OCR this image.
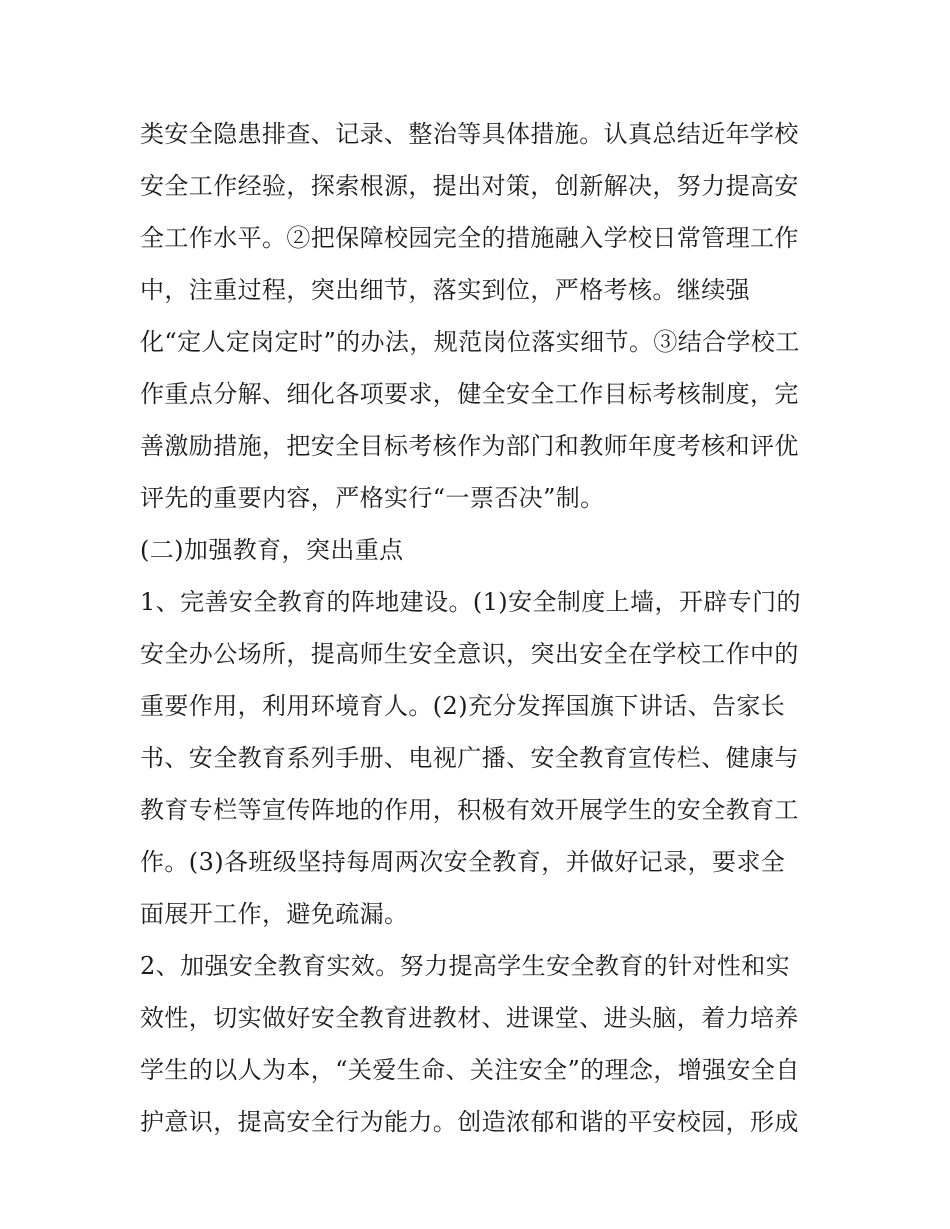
类安全隐患排查、记录、整治等具体措施。认真总结近年学校
安全工作经验，探索根源，提出对策，创新解决，努力提高安
全工作水平。②把保障校园完全的措施融入学校日常管理工作
中，注重过程，突出细节，落实到位，严格考核。继续强
化“定人定岗定时”的办法，规范岗位落实细节。③结合学校工
作重点分解、细化各项要求，健全安全工作目标考核制度，完
善激励措施，把安全目标考核作为部门和教师年度考核和评优
评先的重要内容，严格实行“一票否决”制。
(二)加强教育，突出重点
1、完善安全教育的阵地建设。(1)安全制度上墙，开辟专门的
安全办公场所，提高师生安全意识，突出安全在学校工作中的
重要作用，利用环境育人。(2)充分发挥国旗下讲话、告家长
书、安全教育系列手册、电视广播、安全教育宣传栏、健康与
教育专栏等宣传阵地的作用，积极有效开展学生的安全教育工
作。(3)各班级坚持每周两次安全教育，并做好记录，要求全
面展开工作，避免疏漏。
2、加强安全教育实效。努力提高学生安全教育的针对性和实
效性，切实做好安全教育进教材、进课堂、进头脑，着力培养
学生的以人为本，“关爱生命、关注安全”的理念，增强安全自
护意识，提高安全行为能力。创造浓郁和谐的平安校园，形成
